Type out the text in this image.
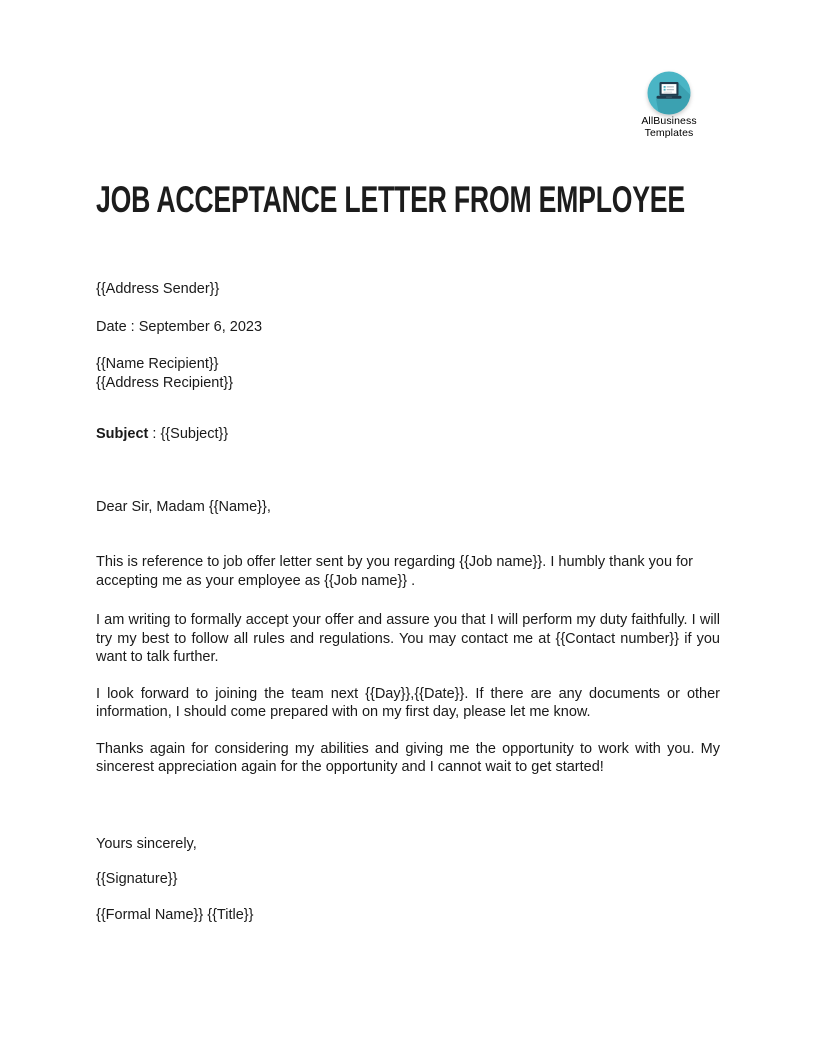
AllBusiness
Templates
JOB ACCEPTANCE LETTER FROM EMPLOYEE
{{Address Sender}}
Date : September 6, 2023
{{Name Recipient}}
{{Address Recipient}}
Subject : {{Subject}}
Dear Sir, Madam {{Name}},

This is reference to job offer letter sent by you regarding {{Job name}}. I humbly thank you for accepting me as your employee as {{Job name}} .

I am writing to formally accept your offer and assure you that I will perform my duty faithfully. I will try my best to follow all rules and regulations. You may contact me at {{Contact number}} if you want to talk further.

I look forward to joining the team next {{Day}},{{Date}}. If there are any documents or other information, I should come prepared with on my first day, please let me know.

Thanks again for considering my abilities and giving me the opportunity to work with you. My sincerest appreciation again for the opportunity and I cannot wait to get started!

Yours sincerely,
{{Signature}}
{{Formal Name}} {{Title}}
